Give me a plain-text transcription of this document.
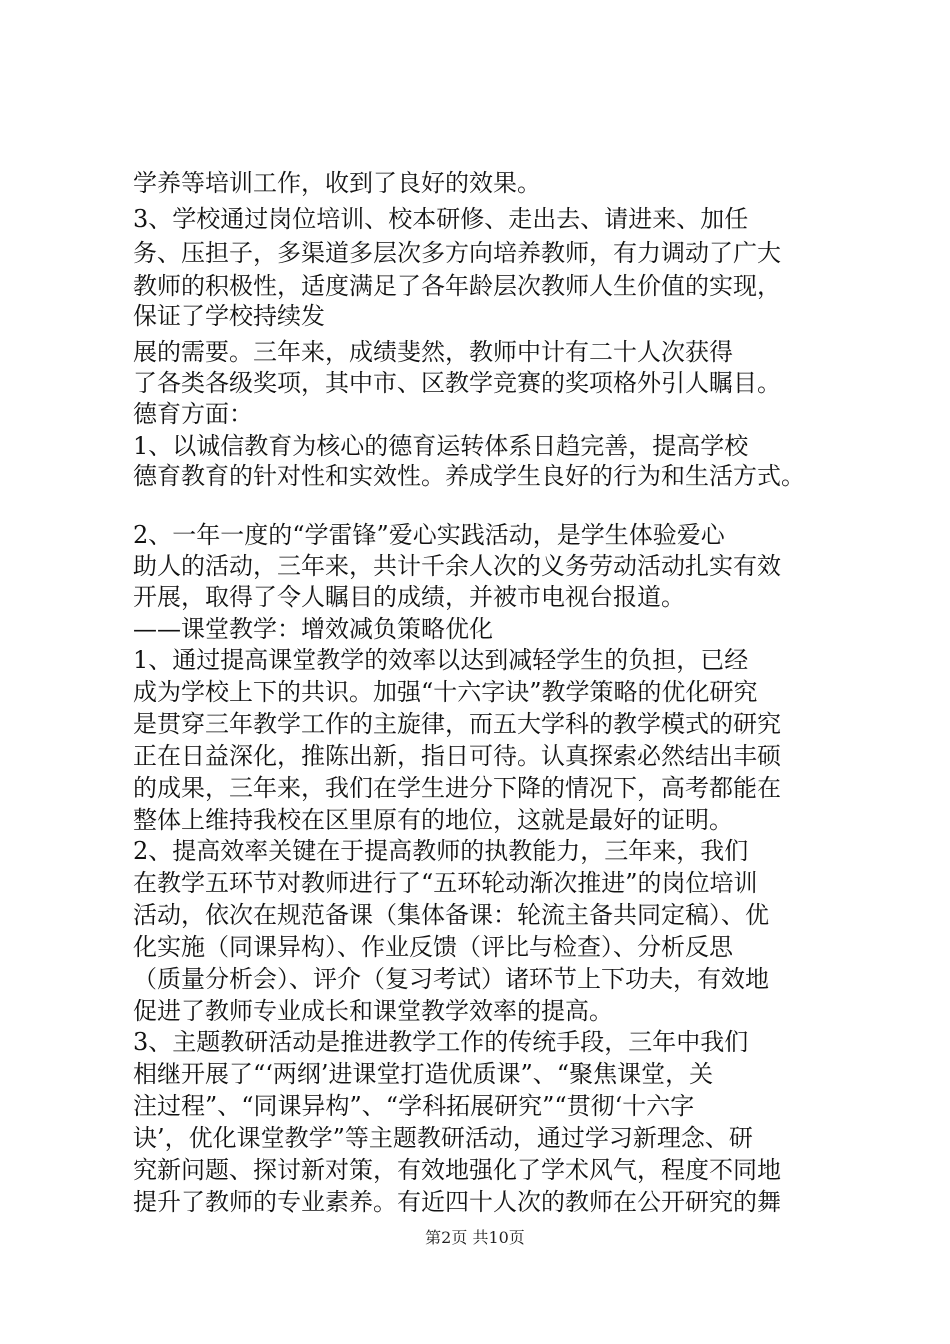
学养等培训工作，收到了良好的效果。
3、学校通过岗位培训、校本研修、走出去、请进来、加任
务、压担子，多渠道多层次多方向培养教师，有力调动了广大
教师的积极性，适度满足了各年龄层次教师人生价值的实现，
保证了学校持续发
展的需要。三年来，成绩斐然，教师中计有二十人次获得
了各类各级奖项，其中市、区教学竞赛的奖项格外引人瞩目。
德育方面：
1、以诚信教育为核心的德育运转体系日趋完善，提高学校
德育教育的针对性和实效性。养成学生良好的行为和生活方式。
2、一年一度的“学雷锋”爱心实践活动，是学生体验爱心
助人的活动，三年来，共计千余人次的义务劳动活动扎实有效
开展，取得了令人瞩目的成绩，并被市电视台报道。
——课堂教学：增效减负策略优化
1、通过提高课堂教学的效率以达到减轻学生的负担，已经
成为学校上下的共识。加强“十六字诀”教学策略的优化研究
是贯穿三年教学工作的主旋律，而五大学科的教学模式的研究
正在日益深化，推陈出新，指日可待。认真探索必然结出丰硕
的成果，三年来，我们在学生进分下降的情况下，高考都能在
整体上维持我校在区里原有的地位，这就是最好的证明。
2、提高效率关键在于提高教师的执教能力，三年来，我们
在教学五环节对教师进行了“五环轮动渐次推进”的岗位培训
活动，依次在规范备课（集体备课：轮流主备共同定稿）、优
化实施（同课异构）、作业反馈（评比与检查）、分析反思
（质量分析会）、评介（复习考试）诸环节上下功夫，有效地
促进了教师专业成长和课堂教学效率的提高。
3、主题教研活动是推进教学工作的传统手段，三年中我们
相继开展了“‘两纲’进课堂打造优质课”、“聚焦课堂，关
注过程”、“同课异构”、“学科拓展研究”“贯彻‘十六字
诀’，优化课堂教学”等主题教研活动，通过学习新理念、研
究新问题、探讨新对策，有效地强化了学术风气，程度不同地
提升了教师的专业素养。有近四十人次的教师在公开研究的舞
第2页 共10页
